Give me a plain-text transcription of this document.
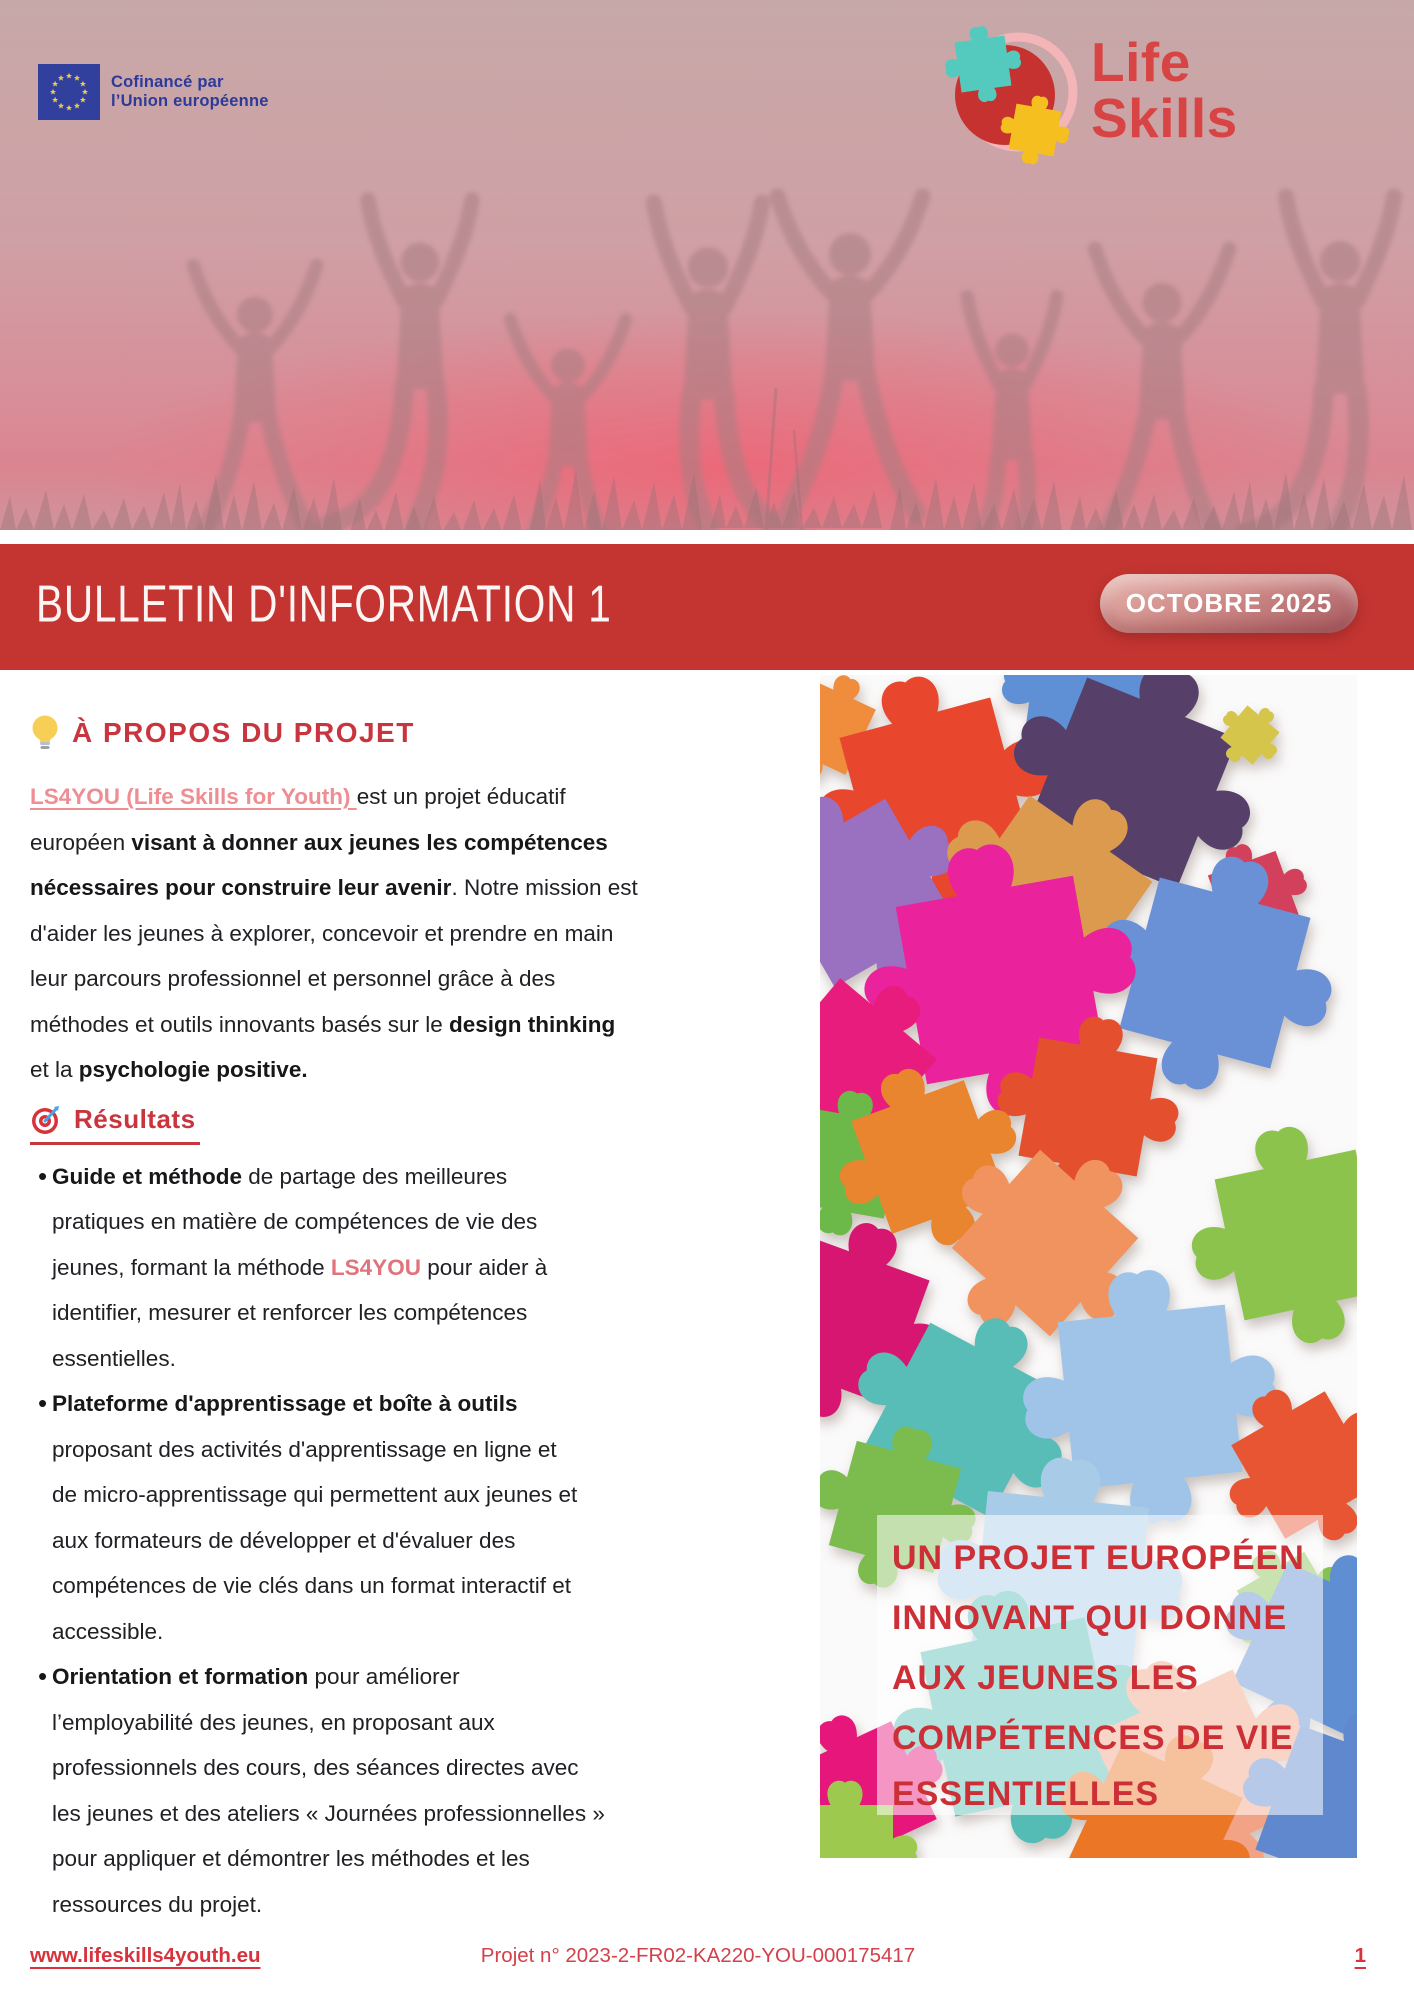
Cofinancé par
l’Union européenne
Life
Skills
BULLETIN D'INFORMATION 1	OCTOBRE 2025
À PROPOS DU PROJET
LS4YOU (Life Skills for Youth) est un projet éducatif
européen visant à donner aux jeunes les compétences
nécessaires pour construire leur avenir. Notre mission est
d'aider les jeunes à explorer, concevoir et prendre en main
leur parcours professionnel et personnel grâce à des
méthodes et outils innovants basés sur le design thinking
et la psychologie positive.
Résultats
• Guide et méthode de partage des meilleures
pratiques en matière de compétences de vie des
jeunes, formant la méthode LS4YOU pour aider à
identifier, mesurer et renforcer les compétences
essentielles.
• Plateforme d'apprentissage et boîte à outils
proposant des activités d'apprentissage en ligne et
de micro-apprentissage qui permettent aux jeunes et
aux formateurs de développer et d'évaluer des
compétences de vie clés dans un format interactif et
accessible.
• Orientation et formation pour améliorer
l’employabilité des jeunes, en proposant aux
professionnels des cours, des séances directes avec
les jeunes et des ateliers « Journées professionnelles »
pour appliquer et démontrer les méthodes et les
ressources du projet.
UN PROJET EUROPÉEN
INNOVANT QUI DONNE
AUX JEUNES LES
COMPÉTENCES DE VIE
ESSENTIELLES
www.lifeskills4youth.eu	Projet n° 2023-2-FR02-KA220-YOU-000175417	1
